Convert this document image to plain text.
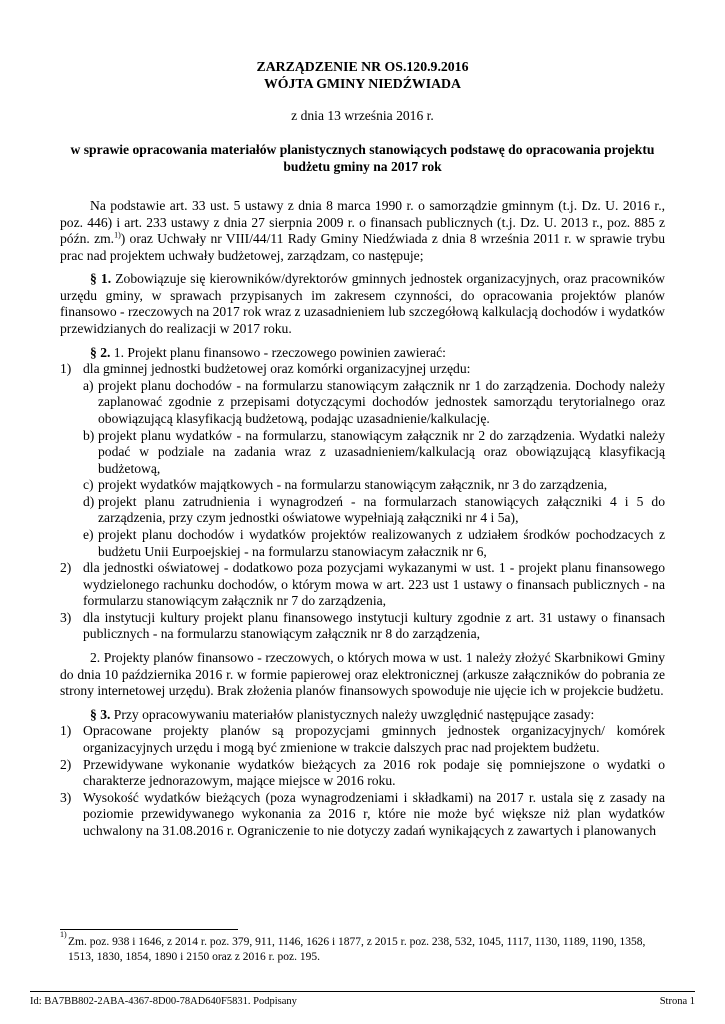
ZARZĄDZENIE NR OS.120.9.2016
WÓJTA GMINY NIEDŹWIADA
z dnia 13 września 2016 r.
w sprawie opracowania materiałów planistycznych stanowiących podstawę do opracowania projektu
budżetu gminy na 2017 rok

Na podstawie art. 33 ust. 5 ustawy z dnia 8 marca 1990 r. o samorządzie gminnym (t.j. Dz. U. 2016 r., poz. 446) i art. 233 ustawy z dnia 27 sierpnia 2009 r. o finansach publicznych (t.j. Dz. U. 2013 r., poz. 885 z późn. zm.$^{1)}$) oraz Uchwały nr VIII/44/11 Rady Gminy Niedźwiada z dnia 8 września 2011 r. w sprawie trybu prac nad projektem uchwały budżetowej, zarządzam, co następuje;

§ 1. Zobowiązuje się kierowników/dyrektorów gminnych jednostek organizacyjnych, oraz pracowników urzędu gminy, w sprawach przypisanych im zakresem czynności, do opracowania projektów planów finansowo - rzeczowych na 2017 rok wraz z uzasadnieniem lub szczegółową kalkulacją dochodów i wydatków przewidzianych do realizacji w 2017 roku.

§ 2. 1. Projekt planu finansowo - rzeczowego powinien zawierać:

1) dla gminnej jednostki budżetowej oraz komórki organizacyjnej urzędu:
a) projekt planu dochodów - na formularzu stanowiącym załącznik nr 1 do zarządzenia. Dochody należy zaplanować zgodnie z przepisami dotyczącymi dochodów jednostek samorządu terytorialnego oraz obowiązującą klasyfikacją budżetową, podając uzasadnienie/kalkulację.
b) projekt planu wydatków - na formularzu, stanowiącym załącznik nr 2 do zarządzenia. Wydatki należy podać w podziale na zadania wraz z uzasadnieniem/kalkulacją oraz obowiązującą klasyfikacją budżetową,
c) projekt wydatków majątkowych - na formularzu stanowiącym załącznik, nr 3 do zarządzenia,
d) projekt planu zatrudnienia i wynagrodzeń - na formularzach stanowiących załączniki 4 i 5 do zarządzenia, przy czym jednostki oświatowe wypełniają załączniki nr 4 i 5a),
e) projekt planu dochodów i wydatków projektów realizowanych z udziałem środków pochodzacych z budżetu Unii Eurpoejskiej - na formularzu stanowiacym załacznik nr 6,
2) dla jednostki oświatowej - dodatkowo poza pozycjami wykazanymi w ust. 1 - projekt planu finansowego wydzielonego rachunku dochodów, o którym mowa w art. 223 ust 1 ustawy o finansach publicznych - na formularzu stanowiącym załącznik nr 7 do zarządzenia,
3) dla instytucji kultury projekt planu finansowego instytucji kultury zgodnie z art. 31 ustawy o finansach publicznych - na formularzu stanowiącym załącznik nr 8 do zarządzenia,

2. Projekty planów finansowo - rzeczowych, o których mowa w ust. 1 należy złożyć Skarbnikowi Gminy do dnia 10 października 2016 r. w formie papierowej oraz elektronicznej (arkusze załączników do pobrania ze strony internetowej urzędu). Brak złożenia planów finansowych spowoduje nie ujęcie ich w projekcie budżetu.

§ 3. Przy opracowywaniu materiałów planistycznych należy uwzględnić następujące zasady:

1) Opracowane projekty planów są propozycjami gminnych jednostek organizacyjnych/ komórek organizacyjnych urzędu i mogą być zmienione w trakcie dalszych prac nad projektem budżetu.
2) Przewidywane wykonanie wydatków bieżących za 2016 rok podaje się pomniejszone o wydatki o charakterze jednorazowym, mające miejsce w 2016 roku.
3) Wysokość wydatków bieżących (poza wynagrodzeniami i składkami) na 2017 r. ustala się z zasady na poziomie przewidywanego wykonania za 2016 r, które nie może być większe niż plan wydatków uchwalony na 31.08.2016 r. Ograniczenie to nie dotyczy zadań wynikających z zawartych i planowanych
1)
Zm. poz. 938 i 1646, z 2014 r. poz. 379, 911, 1146, 1626 i 1877, z 2015 r. poz. 238, 532, 1045, 1117, 1130, 1189, 1190, 1358, 1513, 1830, 1854, 1890 i 2150 oraz z 2016 r. poz. 195.
Id: BA7BB802-2ABA-4367-8D00-78AD640F5831. Podpisany	Strona 1
